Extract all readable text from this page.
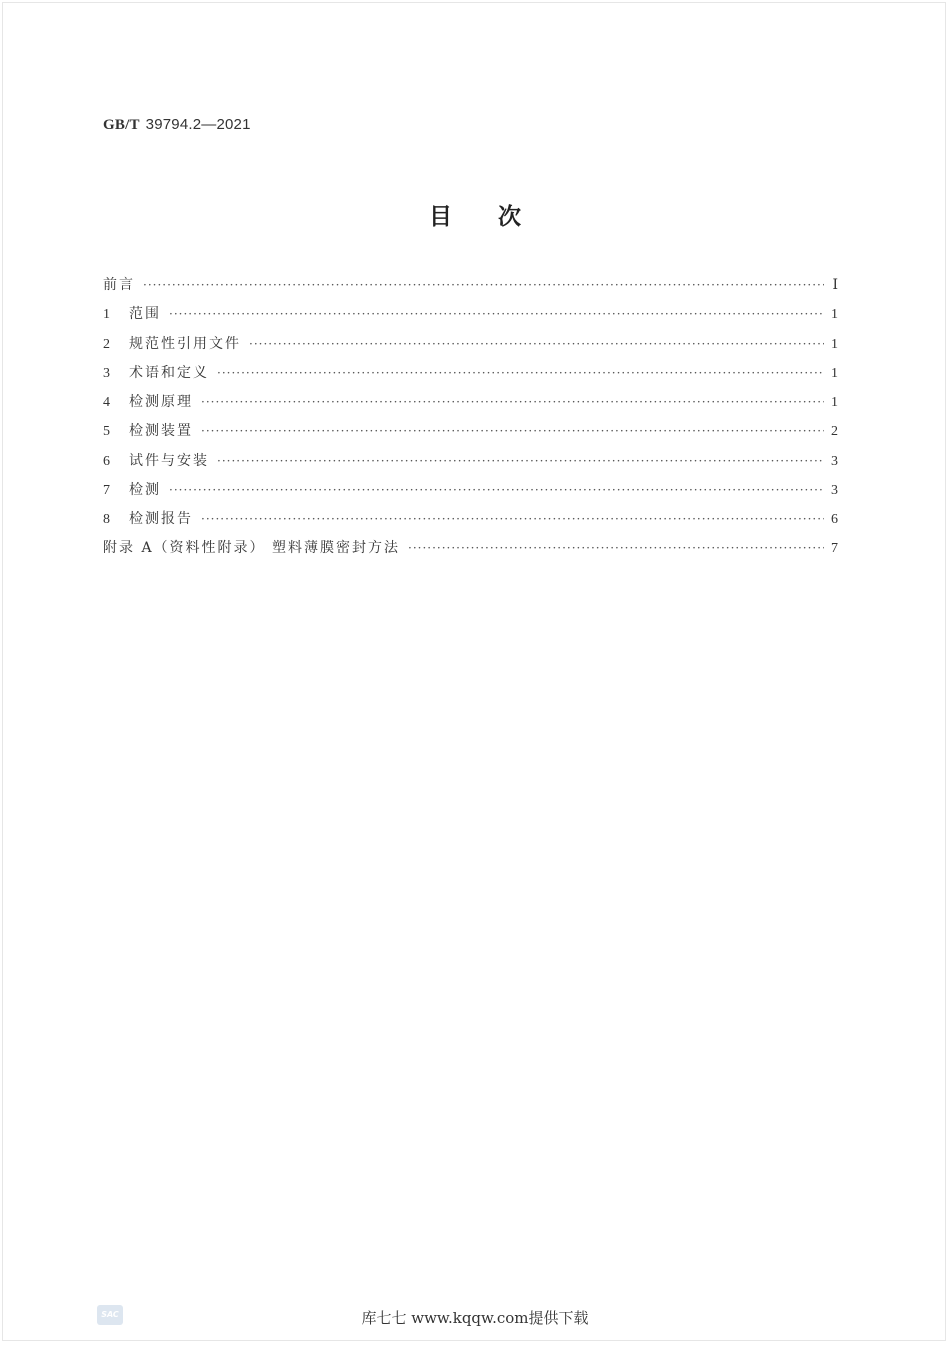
GB/T 39794.2—2021
目次
前言 ·····	Ⅰ
1	范围 ·····	1
2	规范性引用文件 ·····	1
3	术语和定义 ·····	1
4	检测原理 ·····	1
5	检测装置 ·····	2
6	试件与安装 ·····	3
7	检测 ·····	3
8	检测报告 ·····	6
附录 A（资料性附录） 塑料薄膜密封方法 ·····	7
SAC	库七七 www.kqqw.com提供下载
